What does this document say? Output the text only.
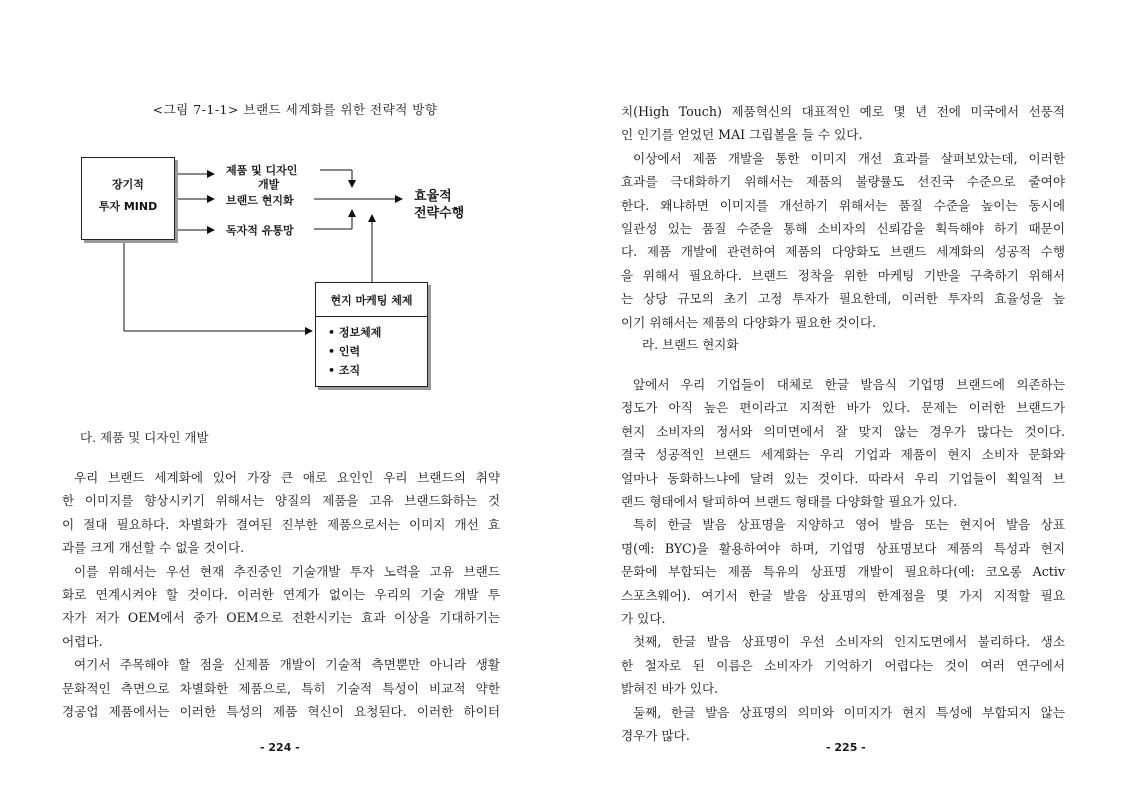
<그림 7-1-1> 브랜드 세계화를 위한 전략적 방향
장기적
투자 MIND
제품 및 디자인
개발
브랜드 현지화
독자적 유통망
효율적
전략수행
현지 마케팅 체제
• 정보체제
• 인력
• 조직
다. 제품 및 디자인 개발

우리 브랜드 세계화에 있어 가장 큰 애로 요인인 우리 브랜드의 취약

한 이미지를 향상시키기 위해서는 양질의 제품을 고유 브랜드화하는 것

이 절대 필요하다. 차별화가 결여된 진부한 제품으로서는 이미지 개선 효

과를 크게 개선할 수 없을 것이다.

이를 위해서는 우선 현재 추진중인 기술개발 투자 노력을 고유 브랜드

화로 연계시켜야 할 것이다. 이러한 연계가 없이는 우리의 기술 개발 투

자가 저가 OEM에서 중가 OEM으로 전환시키는 효과 이상을 기대하기는

어렵다.

여기서 주목해야 할 점을 신제품 개발이 기술적 측면뿐만 아니라 생활

문화적인 측면으로 차별화한 제품으로, 특히 기술적 특성이 비교적 약한

경공업 제품에서는 이러한 특성의 제품 혁신이 요청된다. 이러한 하이터

- 224 -

치(High Touch) 제품혁신의 대표적인 예로 몇 년 전에 미국에서 선풍적

인 인기를 얻었던 MAI 그립볼을 들 수 있다.

이상에서 제품 개발을 통한 이미지 개선 효과를 살펴보았는데, 이러한

효과를 극대화하기 위해서는 제품의 불량률도 선진국 수준으로 줄여야

한다. 왜냐하면 이미지를 개선하기 위해서는 품질 수준을 높이는 동시에

일관성 있는 품질 수준을 통해 소비자의 신뢰감을 획득해야 하기 때문이

다. 제품 개발에 관련하여 제품의 다양화도 브랜드 세계화의 성공적 수행

을 위해서 필요하다. 브랜드 정착을 위한 마케팅 기반을 구축하기 위해서

는 상당 규모의 초기 고정 투자가 필요한데, 이러한 투자의 효율성을 높

이기 위해서는 제품의 다양화가 필요한 것이다.

라. 브랜드 현지화

앞에서 우리 기업들이 대체로 한글 발음식 기업명 브랜드에 의존하는

정도가 아직 높은 편이라고 지적한 바가 있다. 문제는 이러한 브랜드가

현지 소비자의 정서와 의미면에서 잘 맞지 않는 경우가 많다는 것이다.

결국 성공적인 브랜드 세계화는 우리 기업과 제품이 현지 소비자 문화와

얼마나 동화하느냐에 달려 있는 것이다. 따라서 우리 기업들이 획일적 브

랜드 형태에서 탈피하여 브랜드 형태를 다양화할 필요가 있다.

특히 한글 발음 상표명을 지양하고 영어 발음 또는 현지어 발음 상표

명(예: BYC)을 활용하여야 하며, 기업명 상표명보다 제품의 특성과 현지

문화에 부합되는 제품 특유의 상표명 개발이 필요하다(예: 코오롱 Activ

스포츠웨어). 여기서 한글 발음 상표명의 한계점을 몇 가지 지적할 필요

가 있다.

첫째, 한글 발음 상표명이 우선 소비자의 인지도면에서 불리하다. 생소

한 철자로 된 이름은 소비자가 기억하기 어렵다는 것이 여러 연구에서

밝혀진 바가 있다.

둘째, 한글 발음 상표명의 의미와 이미지가 현지 특성에 부합되지 않는

경우가 많다.

- 225 -
